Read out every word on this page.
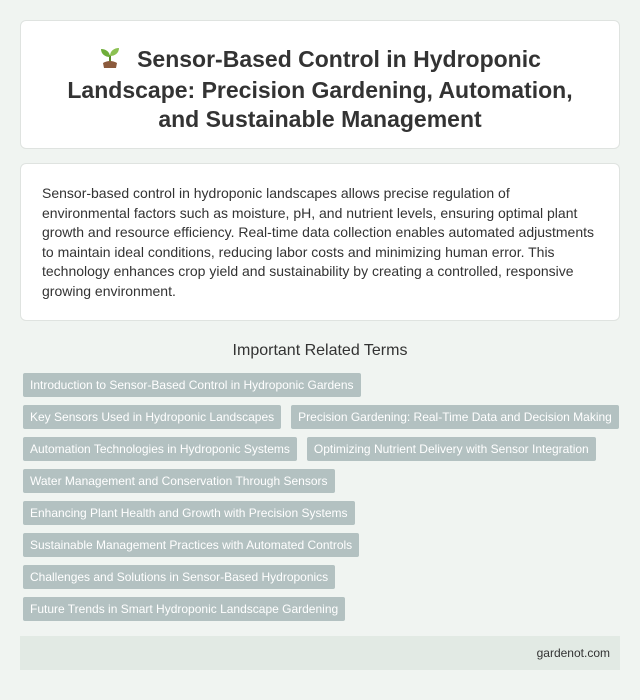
Sensor-Based Control in Hydroponic Landscape: Precision Gardening, Automation, and Sustainable Management

Sensor-based control in hydroponic landscapes allows precise regulation of environmental factors such as moisture, pH, and nutrient levels, ensuring optimal plant growth and resource efficiency. Real-time data collection enables automated adjustments to maintain ideal conditions, reducing labor costs and minimizing human error. This technology enhances crop yield and sustainability by creating a controlled, responsive growing environment.

Important Related Terms
Introduction to Sensor-Based Control in Hydroponic Gardens
Key Sensors Used in Hydroponic Landscapes	Precision Gardening: Real-Time Data and Decision Making
Automation Technologies in Hydroponic Systems	Optimizing Nutrient Delivery with Sensor Integration
Water Management and Conservation Through Sensors
Enhancing Plant Health and Growth with Precision Systems
Sustainable Management Practices with Automated Controls
Challenges and Solutions in Sensor-Based Hydroponics
Future Trends in Smart Hydroponic Landscape Gardening
gardenot.com
